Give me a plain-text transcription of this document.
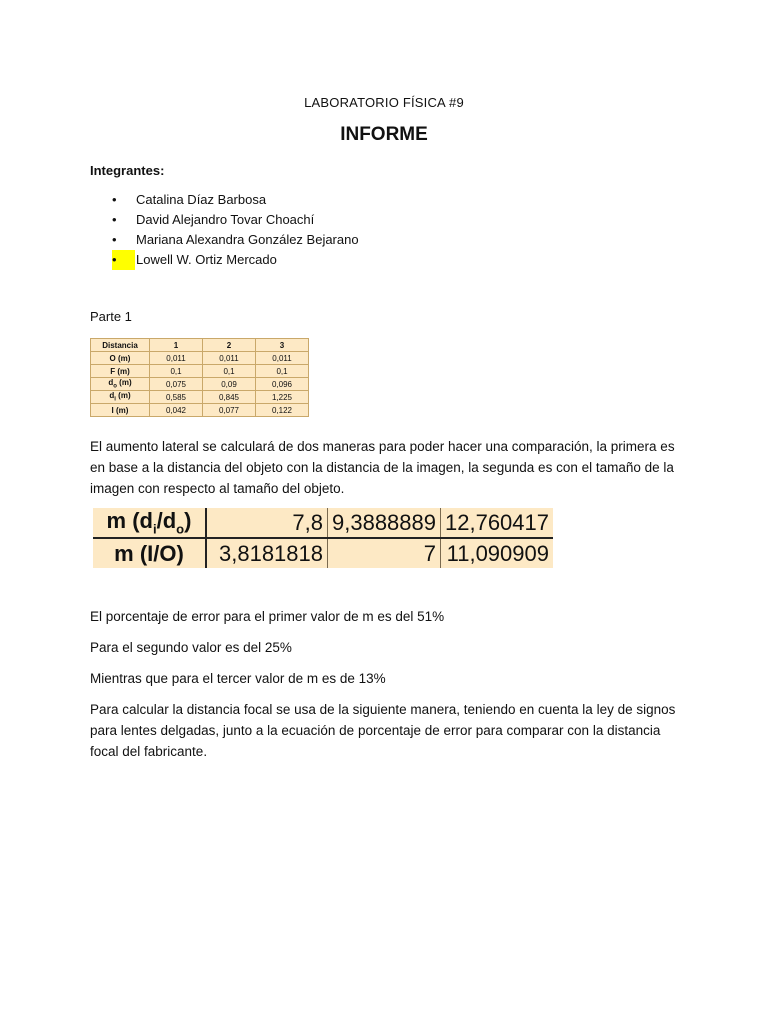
LABORATORIO FÍSICA #9
INFORME
Integrantes:
•	Catalina Díaz Barbosa
•	David Alejandro Tovar Choachí
•	Mariana Alexandra González Bejarano
•	Lowell W. Ortiz Mercado
Parte 1
Distancia	1	2	3
O (m)	0,011	0,011	0,011
F (m)	0,1	0,1	0,1
$d_o$ (m)	0,075	0,09	0,096
$d_i$ (m)	0,585	0,845	1,225
I (m)	0,042	0,077	0,122
El aumento lateral se calculará de dos maneras para poder hacer una comparación, la primera es en base a la distancia del objeto con la distancia de la imagen, la segunda es con el tamaño de la imagen con respecto al tamaño del objeto.
m $(d_i/d_o)$	7,8	9,3888889	12,760417
m (I/O)	3,8181818	7	11,090909
El porcentaje de error para el primer valor de m es del 51%
Para el segundo valor es del 25%
Mientras que para el tercer valor de m es de 13%
Para calcular la distancia focal se usa de la siguiente manera, teniendo en cuenta la ley de signos para lentes delgadas, junto a la ecuación de porcentaje de error para comparar con la distancia focal del fabricante.
